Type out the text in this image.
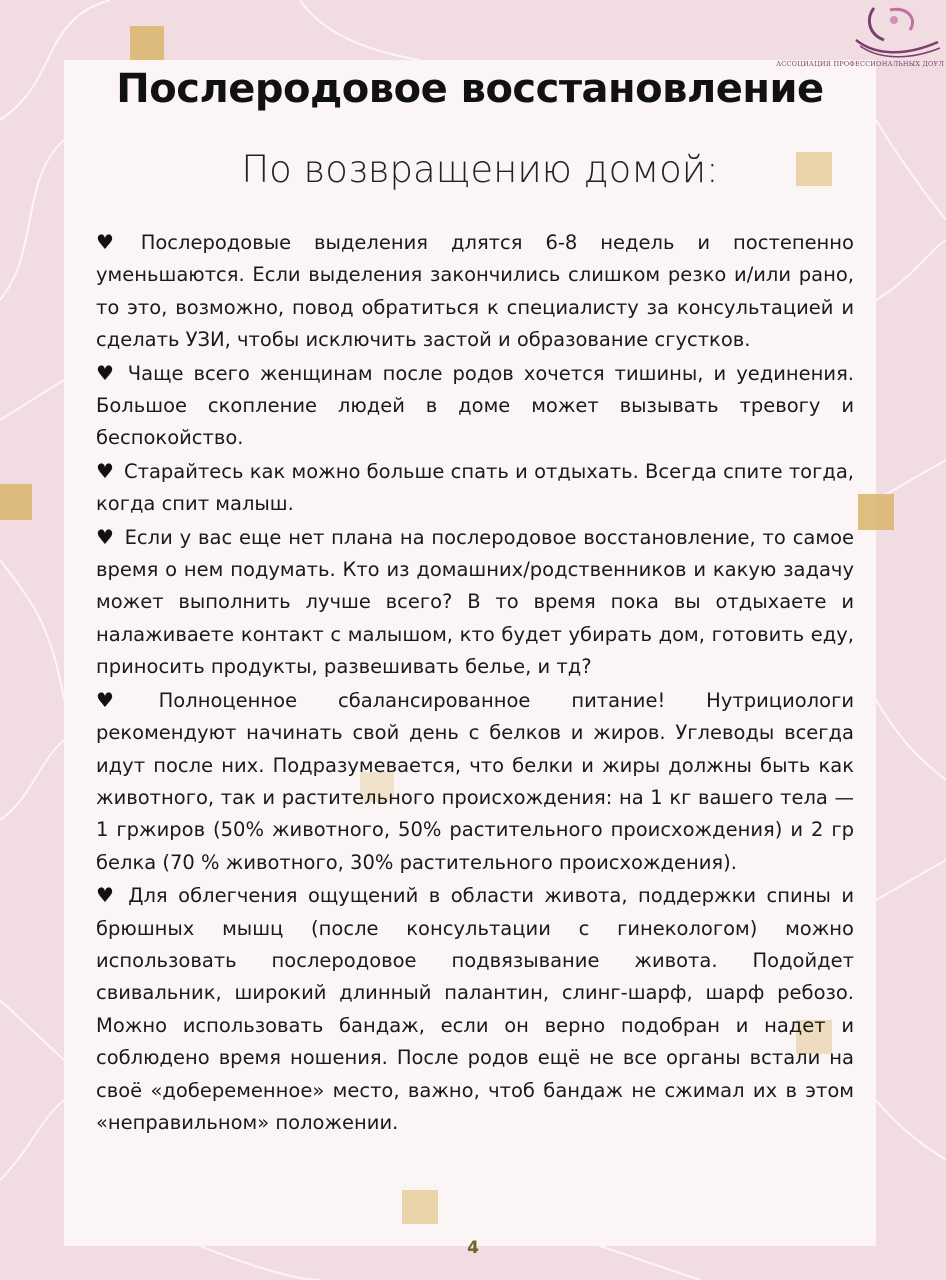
АССОЦИАЦИЯ ПРОФЕССИОНАЛЬНЫХ ДОУЛ
Послеродовое восстановление
По возвращению домой:

♥ Послеродовые выделения длятся 6-8 недель и постепенно уменьшаются. Если выделения закончились слишком резко и/или рано, то это, возможно, повод обратиться к специалисту за консультацией и сделать УЗИ, чтобы исключить застой и образование сгустков.

♥ Чаще всего женщинам после родов хочется тишины, и уединения. Большое скопление людей в доме может вызывать тревогу и беспокойство.

♥ Старайтесь как можно больше спать и отдыхать. Всегда спите тогда, когда спит малыш.

♥ Если у вас еще нет плана на послеродовое восстановление, то самое время о нем подумать. Кто из домашних/родственников и какую задачу может выполнить лучше всего? В то время пока вы отдыхаете и налаживаете контакт с малышом, кто будет убирать дом, готовить еду, приносить продукты, развешивать белье, и тд?

♥ Полноценное сбалансированное питание! Нутрициологи рекомендуют начинать свой день с белков и жиров. Углеводы всегда идут после них. Подразумевается, что белки и жиры должны быть как животного, так и растительного происхождения: на 1 кг вашего тела — 1 гржиров (50% животного, 50% растительного происхождения) и 2 гр белка (70 % животного, 30% растительного происхождения).

♥ Для облегчения ощущений в области живота, поддержки спины и брюшных мышц (после консультации с гинекологом) можно использовать послеродовое подвязывание живота. Подойдет свивальник, широкий длинный палантин, слинг-шарф, шарф ребозо. Можно использовать бандаж, если он верно подобран и надет и соблюдено время ношения. После родов ещё не все органы встали на своё «добеременное» место, важно, чтоб бандаж не сжимал их в этом «неправильном» положении.

4
